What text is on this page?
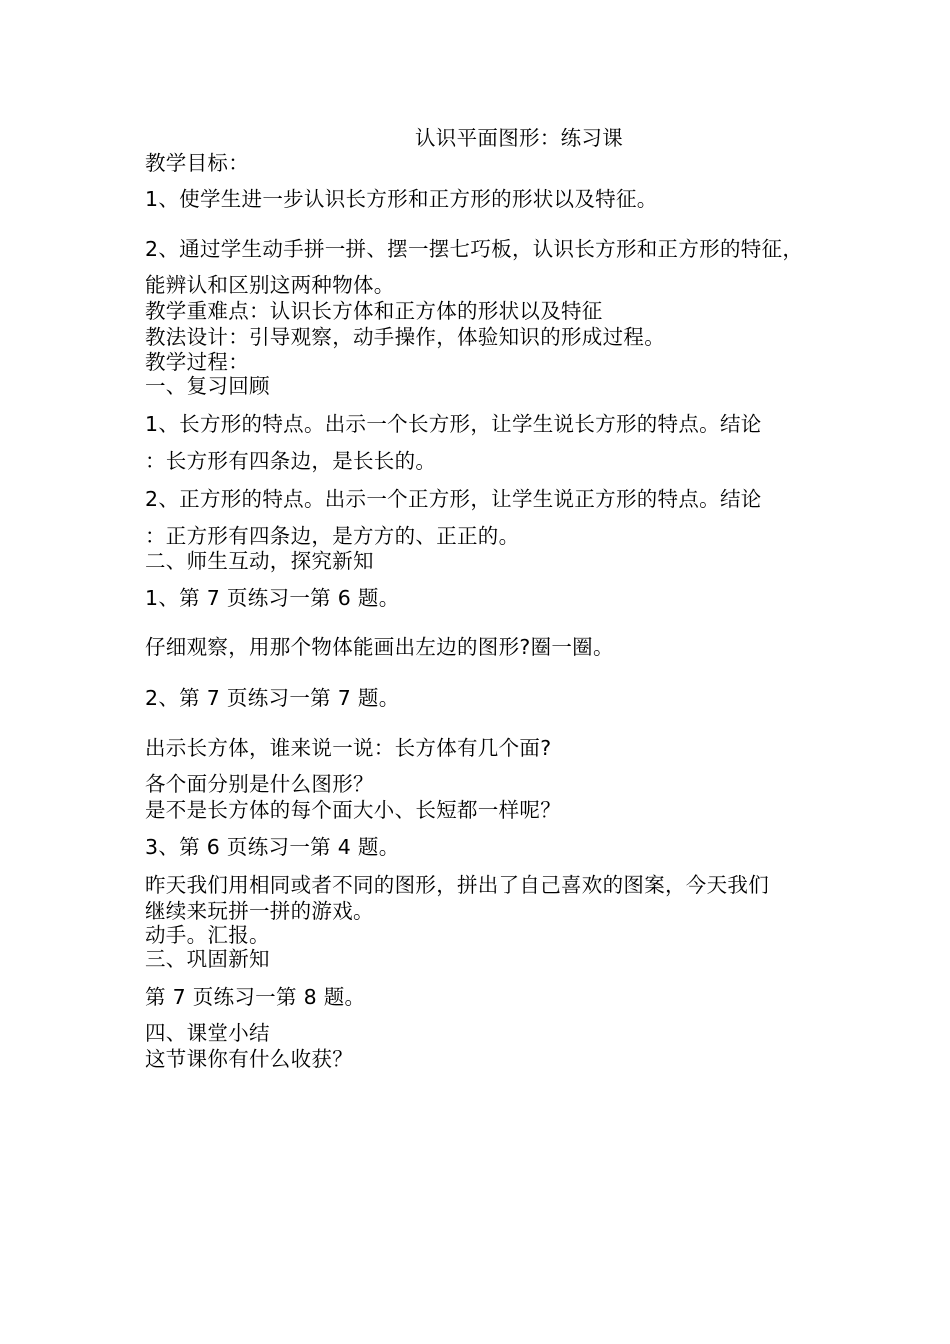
认识平面图形：练习课
教学目标：
1、使学生进一步认识长方形和正方形的形状以及特征。
2、通过学生动手拼一拼、摆一摆七巧板，认识长方形和正方形的特征，
能辨认和区别这两种物体。
教学重难点：认识长方体和正方体的形状以及特征
教法设计：引导观察，动手操作，体验知识的形成过程。
教学过程：
一、复习回顾
1、长方形的特点。出示一个长方形，让学生说长方形的特点。结论
：长方形有四条边，是长长的。
2、正方形的特点。出示一个正方形，让学生说正方形的特点。结论
：正方形有四条边，是方方的、正正的。
二、师生互动，探究新知
1、第 7 页练习一第 6 题。
仔细观察，用那个物体能画出左边的图形?圈一圈。
2、第 7 页练习一第 7 题。
出示长方体，谁来说一说：长方体有几个面?
各个面分别是什么图形？
是不是长方体的每个面大小、长短都一样呢？
3、第 6 页练习一第 4 题。
昨天我们用相同或者不同的图形，拼出了自己喜欢的图案，今天我们
继续来玩拼一拼的游戏。
动手。汇报。
三、巩固新知
第 7 页练习一第 8 题。
四、课堂小结
这节课你有什么收获？
